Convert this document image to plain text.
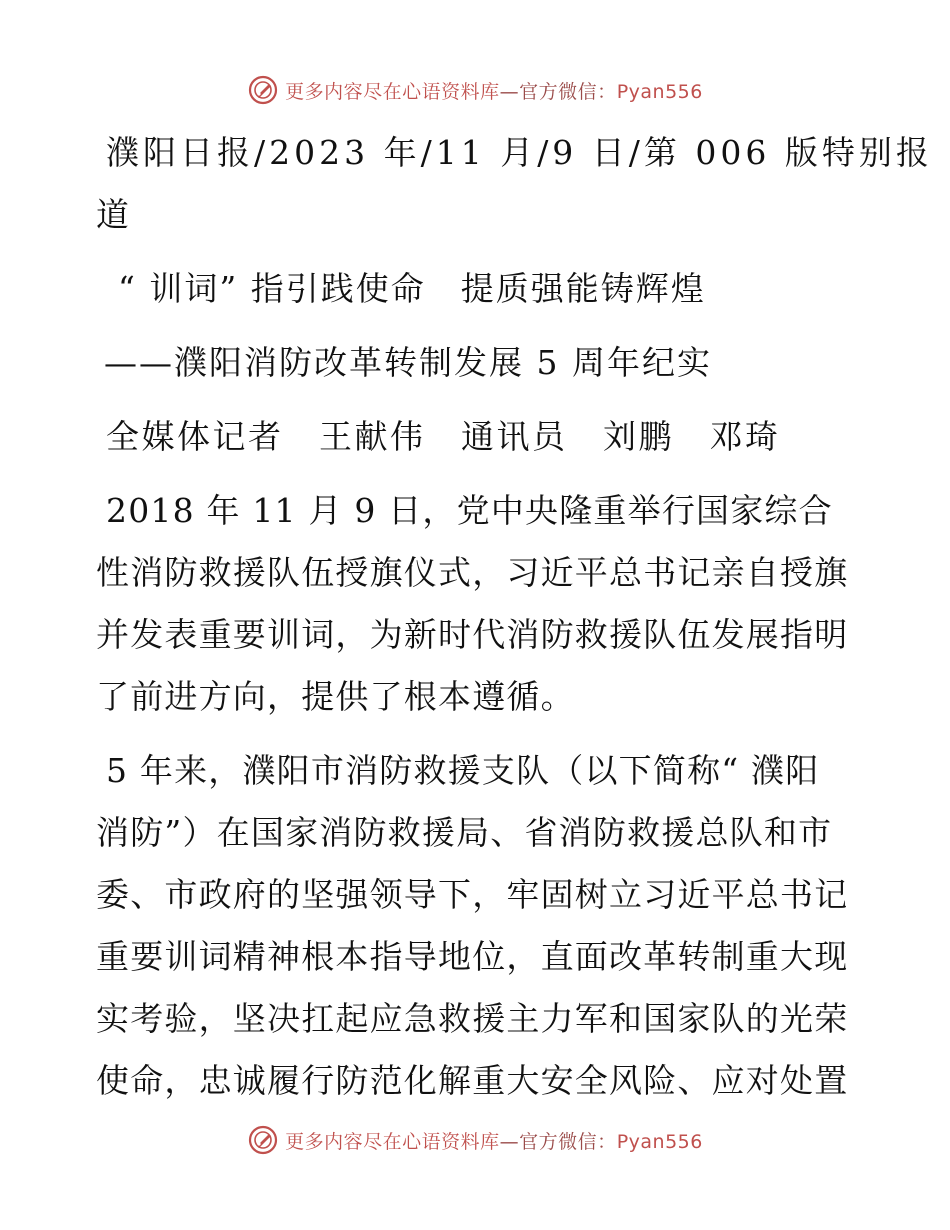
更多内容尽在心语资料库—官方微信：Pyan556
濮阳日报/2023 年/11 月/9 日/第 006 版特别报
道
“ 训词” 指引践使命　提质强能铸辉煌
——濮阳消防改革转制发展 5 周年纪实
全媒体记者　王献伟　通讯员　刘鹏　邓琦
2018 年 11 月 9 日，党中央隆重举行国家综合
性消防救援队伍授旗仪式，习近平总书记亲自授旗
并发表重要训词，为新时代消防救援队伍发展指明
了前进方向，提供了根本遵循。
5 年来，濮阳市消防救援支队（以下简称“ 濮阳
消防”）在国家消防救援局、省消防救援总队和市
委、市政府的坚强领导下，牢固树立习近平总书记
重要训词精神根本指导地位，直面改革转制重大现
实考验，坚决扛起应急救援主力军和国家队的光荣
使命，忠诚履行防范化解重大安全风险、应对处置
更多内容尽在心语资料库—官方微信：Pyan556
